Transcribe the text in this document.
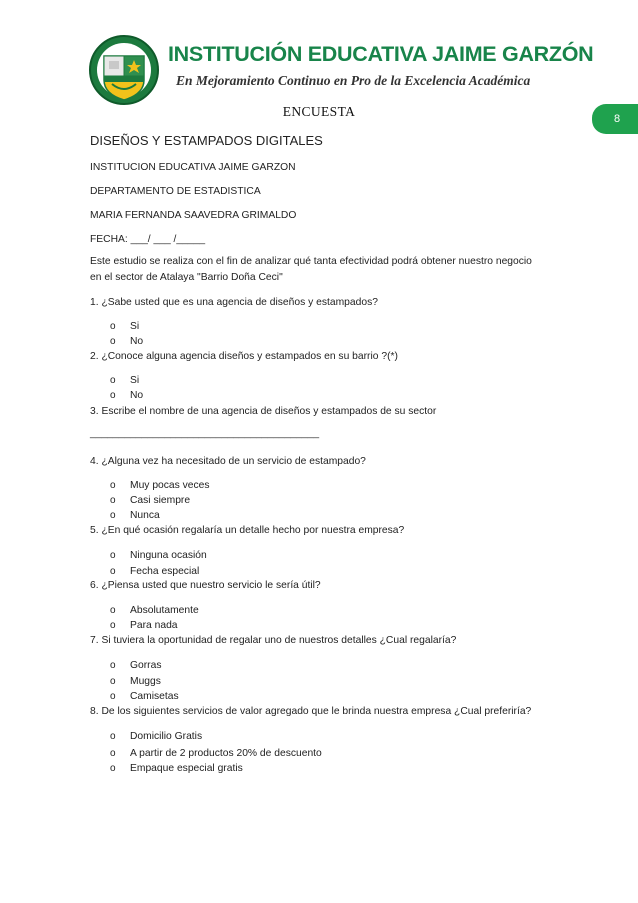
INSTITUCIÓN EDUCATIVA JAIME GARZÓN
En Mejoramiento Continuo en Pro de la Excelencia Académica
8
ENCUESTA
DISEÑOS Y ESTAMPADOS DIGITALES
INSTITUCION EDUCATIVA JAIME GARZON
DEPARTAMENTO DE ESTADISTICA
MARIA FERNANDA SAAVEDRA GRIMALDO
FECHA: ___/ ___ /_____
Este estudio se realiza con el fin de analizar qué tanta efectividad podrá obtener nuestro negocio
en el sector de Atalaya "Barrio Doña Ceci"
1. ¿Sabe usted que es una agencia de diseños y estampados?
o Si
o No
2. ¿Conoce alguna agencia diseños y estampados en su barrio ?(*)
o Si
o No
3. Escribe el nombre de una agencia de diseños y estampados de su sector
________________________________________
4. ¿Alguna vez ha necesitado de un servicio de estampado?
o Muy pocas veces
o Casi siempre
o Nunca
5. ¿En qué ocasión regalaría un detalle hecho por nuestra empresa?
o Ninguna ocasión
o Fecha especial
6. ¿Piensa usted que nuestro servicio le sería útil?
o Absolutamente
o Para nada
7. Si tuviera la oportunidad de regalar uno de nuestros detalles ¿Cual regalaría?
o Gorras
o Muggs
o Camisetas
8. De los siguientes servicios de valor agregado que le brinda nuestra empresa ¿Cual preferiría?
o Domicilio Gratis
o A partir de 2 productos 20% de descuento
o Empaque especial gratis
